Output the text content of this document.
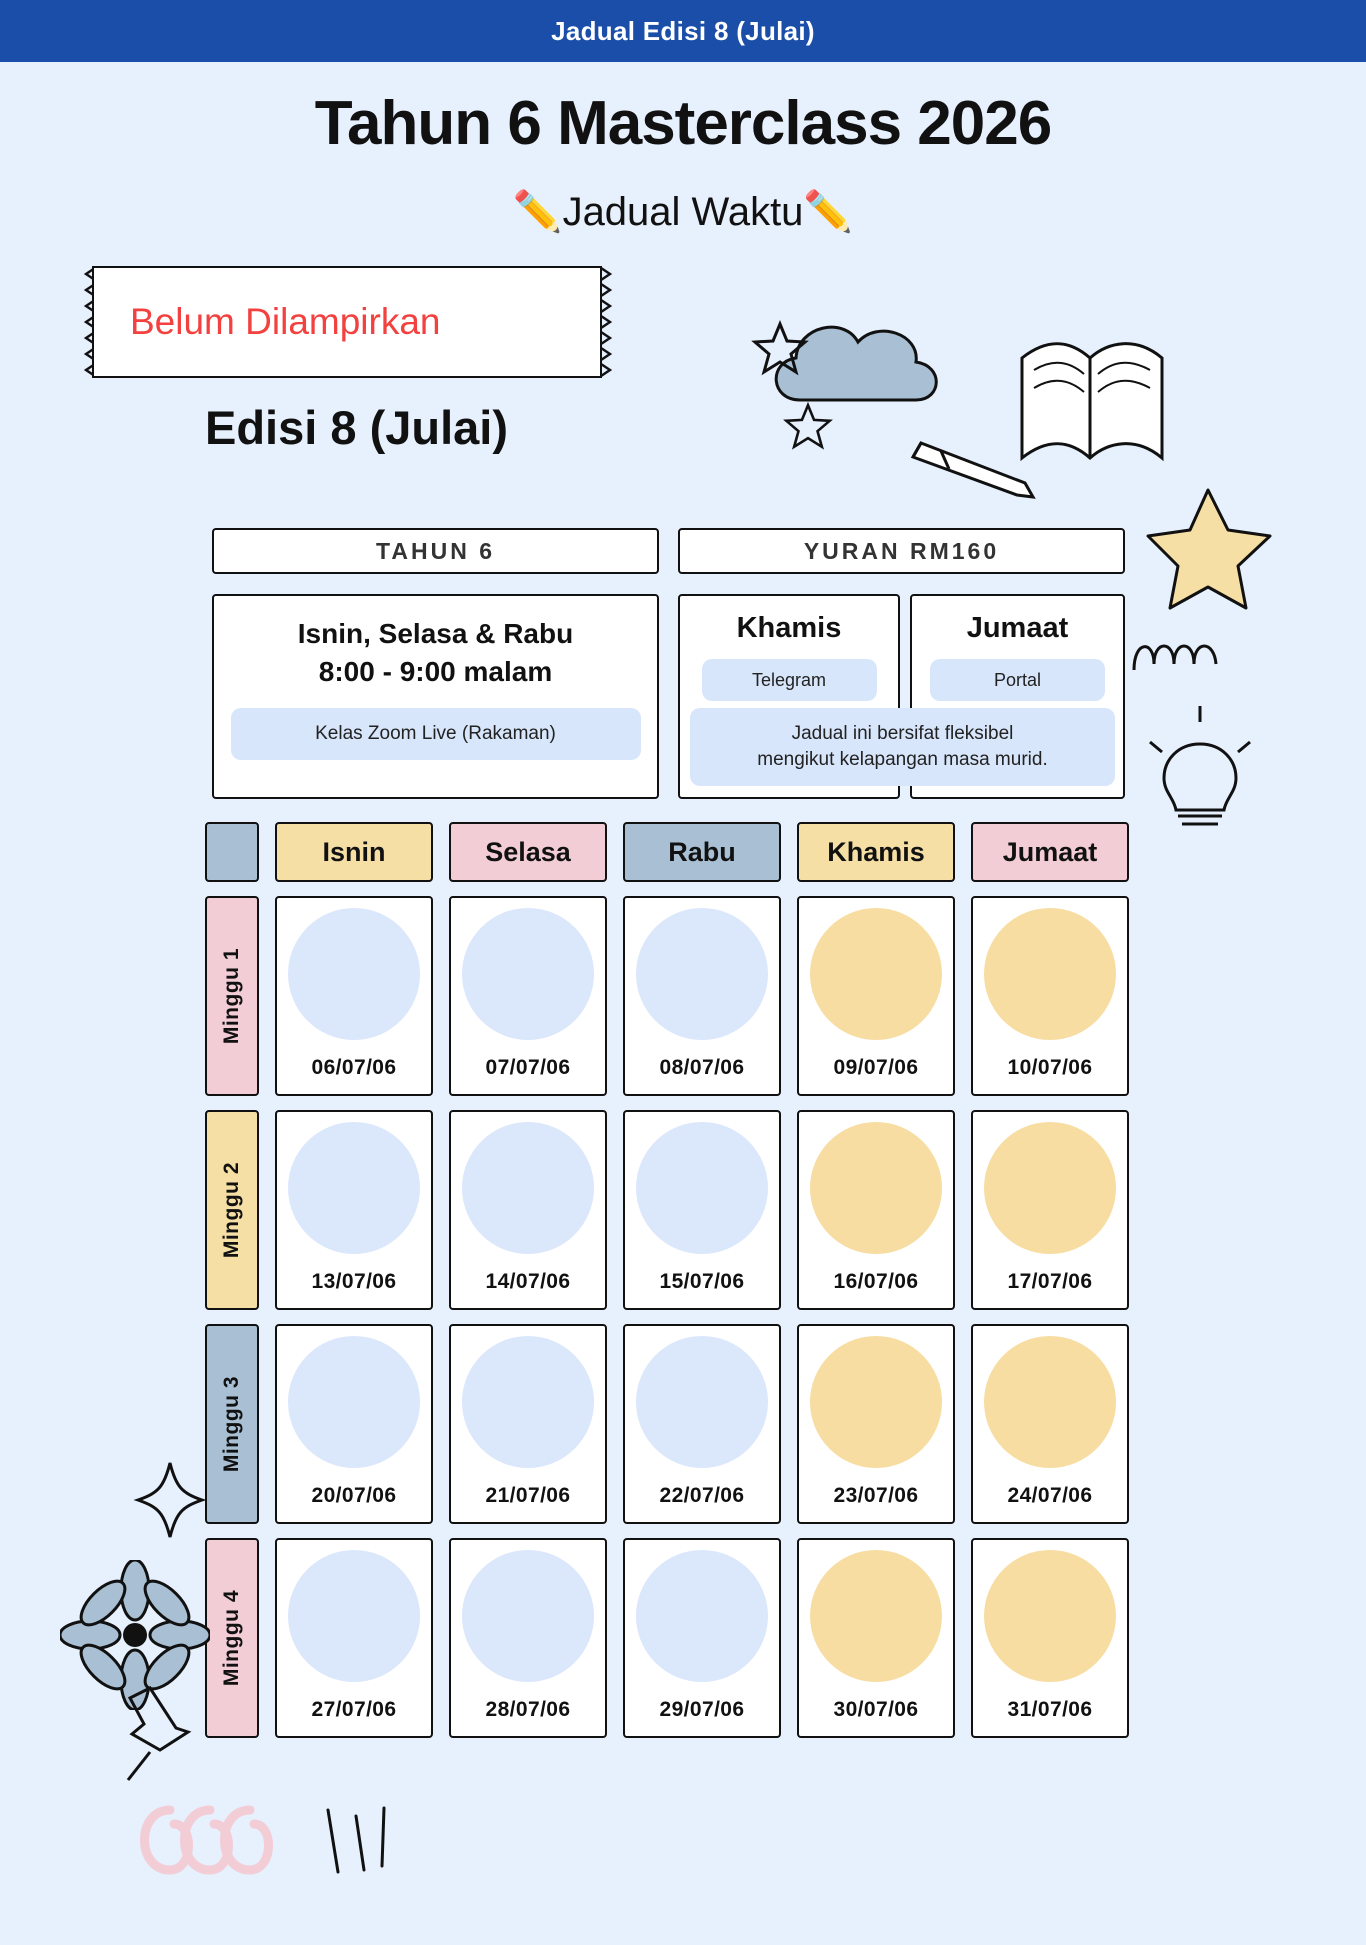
Jadual Edisi 8 (Julai)
Tahun 6 Masterclass 2026
✏️Jadual Waktu✏️
Belum Dilampirkan
Edisi 8 (Julai)
TAHUN 6	YURAN RM160
Isnin, Selasa & Rabu
8:00 - 9:00 malam
Kelas Zoom Live (Rakaman)
Khamis
Telegram
Jumaat
Portal
Jadual ini bersifat fleksibel
mengikut kelapangan masa murid.
Isnin	Selasa	Rabu	Khamis	Jumaat
Minggu 1
06/07/06	07/07/06	08/07/06	09/07/06	10/07/06
Minggu 2
13/07/06	14/07/06	15/07/06	16/07/06	17/07/06
Minggu 3
20/07/06	21/07/06	22/07/06	23/07/06	24/07/06
Minggu 4
27/07/06	28/07/06	29/07/06	30/07/06	31/07/06
